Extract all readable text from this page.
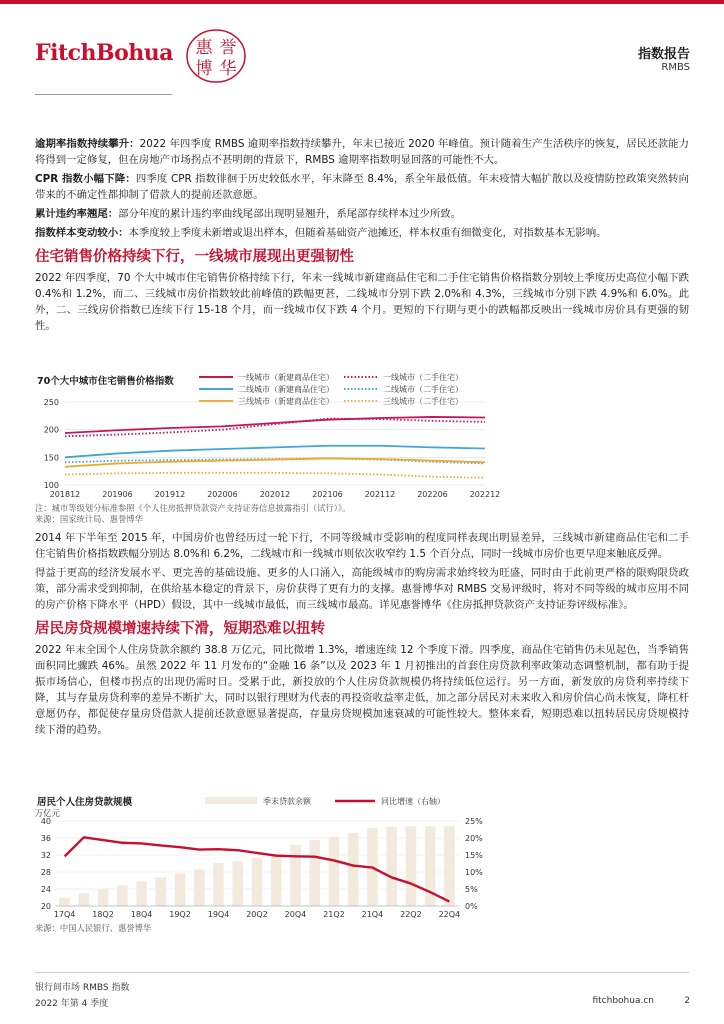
FitchBohua 惠 誉
博 华
指数报告
RMBS

逾期率指数持续攀升：2022 年四季度 RMBS 逾期率指数持续攀升，年末已接近 2020 年峰值。预计随着生产生活秩序的恢复，居民还款能力将得到一定修复，但在房地产市场拐点不甚明朗的背景下，RMBS 逾期率指数明显回落的可能性不大。

CPR 指数小幅下降：四季度 CPR 指数徘徊于历史较低水平，年末降至 8.4%，系全年最低值。年末疫情大幅扩散以及疫情防控政策突然转向带来的不确定性都抑制了借款人的提前还款意愿。

累计违约率翘尾：部分年度的累计违约率曲线尾部出现明显翘升，系尾部存续样本过少所致。

指数样本变动较小：本季度较上季度未新增或退出样本，但随着基础资产池摊还，样本权重有细微变化，对指数基本无影响。

住宅销售价格持续下行，一线城市展现出更强韧性

2022 年四季度，70 个大中城市住宅销售价格持续下行，年末一线城市新建商品住宅和二手住宅销售价格指数分别较上季度历史高位小幅下跌 0.4%和 1.2%，而二、三线城市房价指数较此前峰值的跌幅更甚，二线城市分别下跌 2.0%和 4.3%，三线城市分别下跌 4.9%和 6.0%。此外，二、三线房价指数已连续下行 15-18 个月，而一线城市仅下跌 4 个月。更短的下行期与更小的跌幅都反映出一线城市房价具有更强的韧性。

70个大中城市住宅销售价格指数	一线城市（新建商品住宅）	一线城市（二手住宅）
二线城市（新建商品住宅）	二线城市（二手住宅）
三线城市（新建商品住宅）	三线城市（二手住宅）
250
200
150
100
201812	201906	201912	202006	202012	202106	202112	202206	202212
注：城市等级划分标准参照《个人住房抵押贷款资产支持证券信息披露指引（试行）》。
来源：国家统计局、惠誉博华

2014 年下半年至 2015 年，中国房价也曾经历过一轮下行，不同等级城市受影响的程度同样表现出明显差异，三线城市新建商品住宅和二手住宅销售价格指数跌幅分别达 8.0%和 6.2%，二线城市和一线城市则依次收窄约 1.5 个百分点，同时一线城市房价也更早迎来触底反弹。

得益于更高的经济发展水平、更完善的基础设施、更多的人口涌入，高能级城市的购房需求始终较为旺盛，同时由于此前更严格的限购限贷政策，部分需求受到抑制，在供给基本稳定的背景下，房价获得了更有力的支撑。惠誉博华对 RMBS 交易评级时，将对不同等级的城市应用不同的房产价格下降水平（HPD）假设，其中一线城市最低，而三线城市最高。详见惠誉博华《住房抵押贷款资产支持证券评级标准》。

居民房贷规模增速持续下滑，短期恐难以扭转

2022 年末全国个人住房贷款余额约 38.8 万亿元，同比微增 1.3%，增速连续 12 个季度下滑。四季度，商品住宅销售仍未见起色，当季销售面积同比骤跌 46%。虽然 2022 年 11 月发布的“金融 16 条”以及 2023 年 1 月初推出的首套住房贷款利率政策动态调整机制，都有助于提振市场信心，但楼市拐点的出现仍需时日。受累于此，新投放的个人住房贷款规模仍将持续低位运行。另一方面，新发放的房贷利率持续下降，其与存量房贷利率的差异不断扩大，同时以银行理财为代表的再投资收益率走低，加之部分居民对未来收入和房价信心尚未恢复，降杠杆意愿仍存，都促使存量房贷借款人提前还款意愿显著提高，存量房贷规模加速衰减的可能性较大。整体来看，短期恐难以扭转居民房贷规模持续下滑的趋势。

居民个人住房贷款规模
万亿元
季末贷款余额	同比增速（右轴）
40
36
32
28
24
20
25%
20%
15%
10%
5%
0%
17Q4 18Q2 18Q4 19Q2 19Q4 20Q2 20Q4 21Q2 21Q4 22Q2 22Q4
来源：中国人民银行、惠誉博华
银行间市场 RMBS 指数
2022 年第 4 季度	fitchbohua.cn	2
